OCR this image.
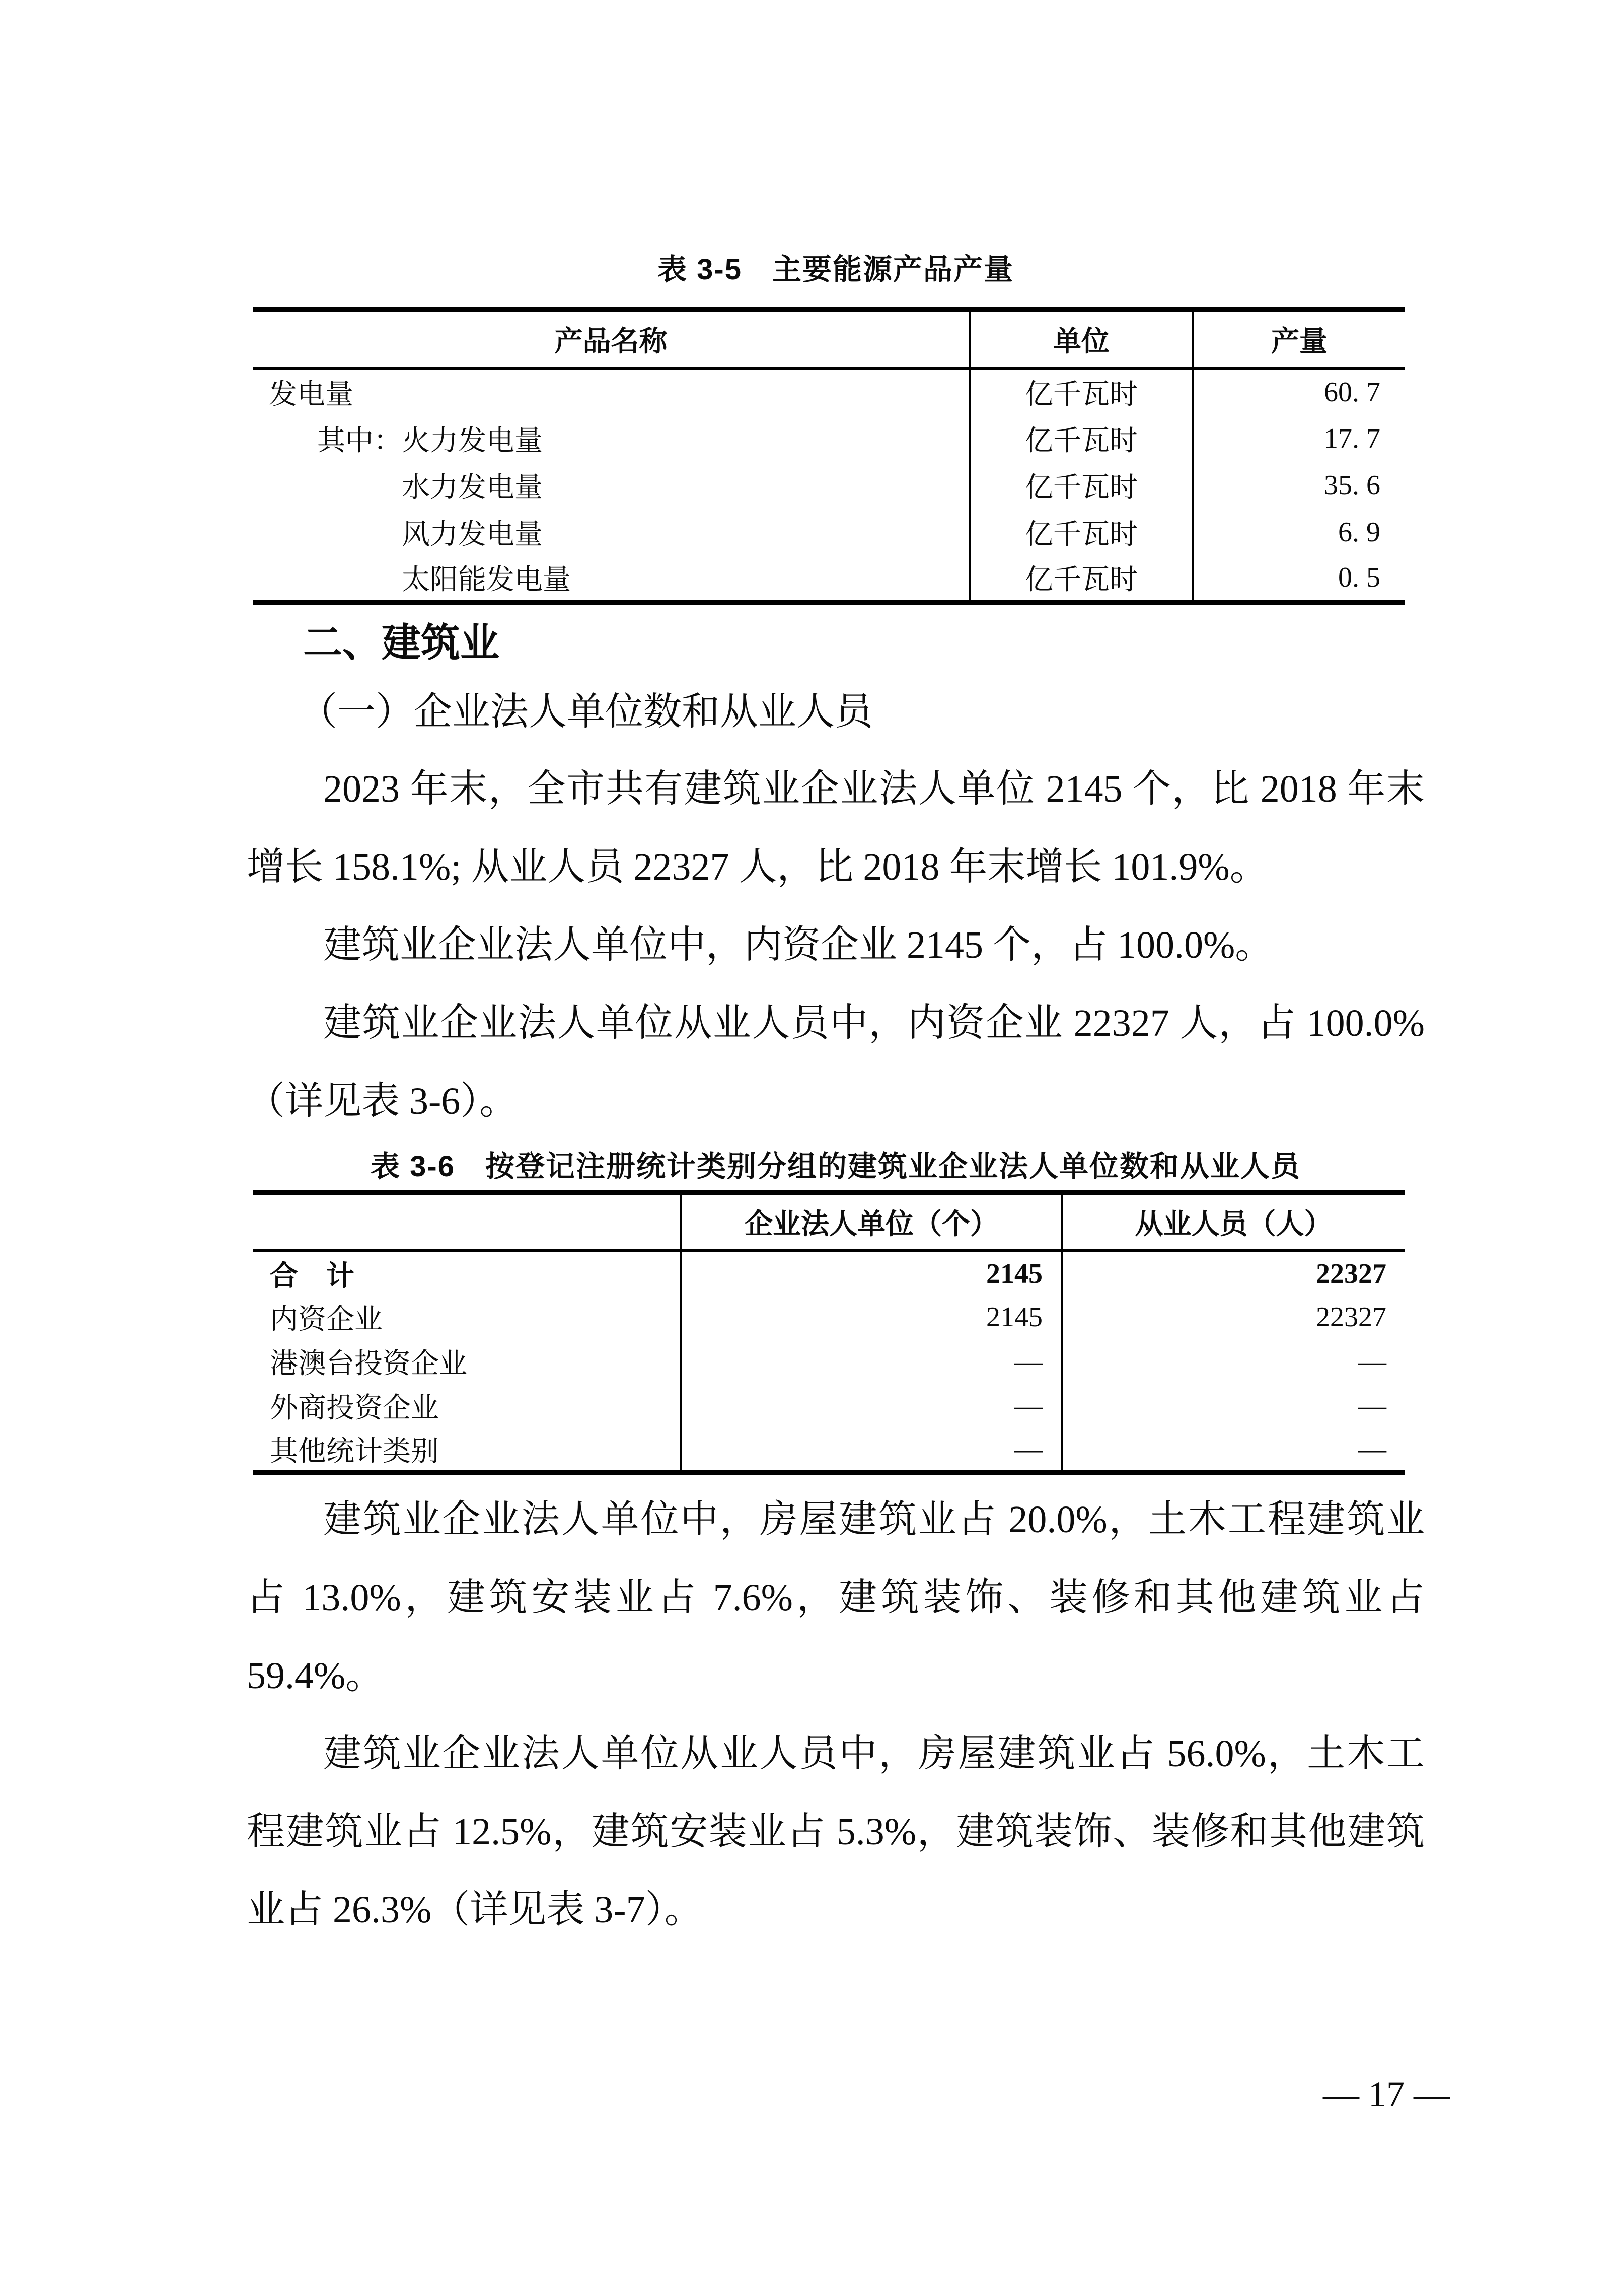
表 3-5　主要能源产品产量
产品名称	单位	产量
发电量	亿千瓦时	60. 7
其中：火力发电量	亿千瓦时	17. 7
水力发电量	亿千瓦时	35. 6
风力发电量	亿千瓦时	6. 9
太阳能发电量	亿千瓦时	0. 5
二、建筑业
（一）企业法人单位数和从业人员

2023 年末，全市共有建筑业企业法人单位 2145 个，比 2018 年末增长 158.1%; 从业人员 22327 人，比 2018 年末增长 101.9%。

建筑业企业法人单位中，内资企业 2145 个，占 100.0%。

建筑业企业法人单位从业人员中，内资企业 22327 人，占 100.0%（详见表 3-6）。

表 3-6　按登记注册统计类别分组的建筑业企业法人单位数和从业人员
	企业法人单位（个）	从业人员（人）
合　计	2145	22327
内资企业	2145	22327
港澳台投资企业	—	—
外商投资企业	—	—
其他统计类别	—	—

建筑业企业法人单位中，房屋建筑业占 20.0%，土木工程建筑业占 13.0%，建筑安装业占 7.6%，建筑装饰、装修和其他建筑业占 59.4%。

建筑业企业法人单位从业人员中，房屋建筑业占 56.0%，土木工程建筑业占 12.5%，建筑安装业占 5.3%，建筑装饰、装修和其他建筑业占 26.3%（详见表 3-7）。

— 17 —
